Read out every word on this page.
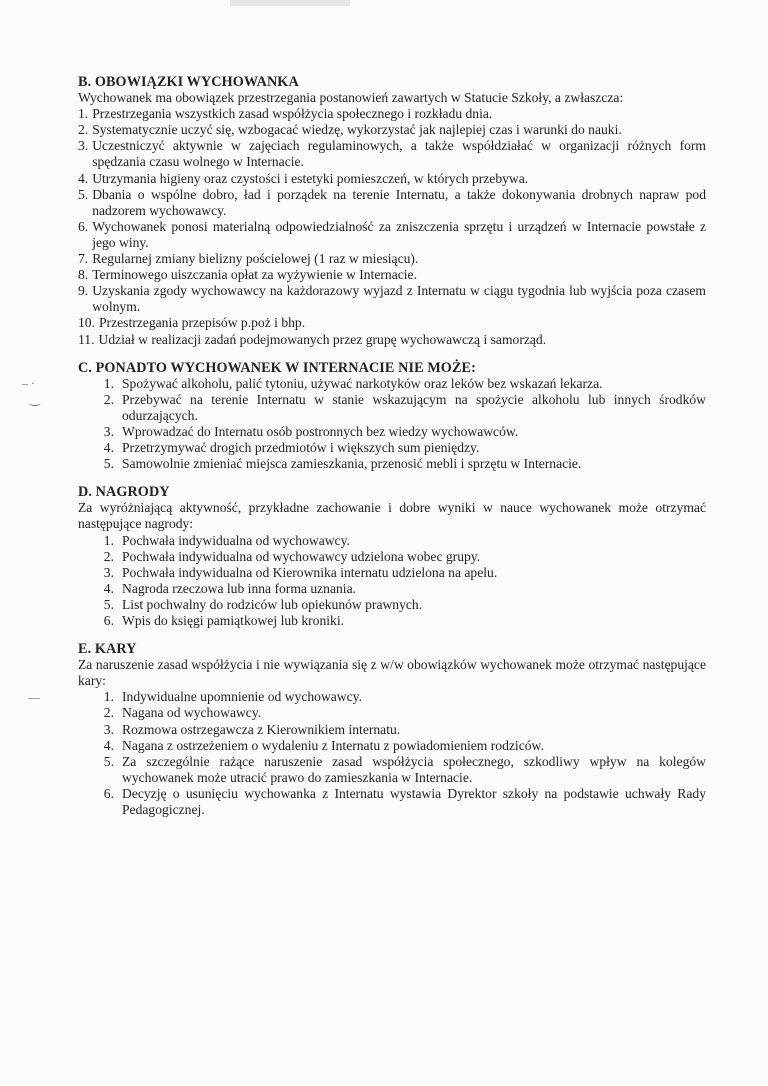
– ·
‿
—

B. OBOWIĄZKI WYCHOWANKA

Wychowanek ma obowiązek przestrzegania postanowień zawartych w Statucie Szkoły, a zwłaszcza:

1. Przestrzegania wszystkich zasad współżycia społecznego i rozkładu dnia.
2. Systematycznie uczyć się, wzbogacać wiedzę, wykorzystać jak najlepiej czas i warunki do nauki.
3. Uczestniczyć aktywnie w zajęciach regulaminowych, a także współdziałać w organizacji różnych form spędzania czasu wolnego w Internacie.
4. Utrzymania higieny oraz czystości i estetyki pomieszczeń, w których przebywa.
5. Dbania o wspólne dobro, ład i porządek na terenie Internatu, a także dokonywania drobnych napraw pod nadzorem wychowawcy.
6. Wychowanek ponosi materialną odpowiedzialność za zniszczenia sprzętu i urządzeń w Internacie powstałe z jego winy.
7. Regularnej zmiany bielizny pościelowej (1 raz w miesiącu).
8. Terminowego uiszczania opłat za wyżywienie w Internacie.
9. Uzyskania zgody wychowawcy na każdorazowy wyjazd z Internatu w ciągu tygodnia lub wyjścia poza czasem wolnym.
10. Przestrzegania przepisów p.poż i bhp.
11. Udział w realizacji zadań podejmowanych przez grupę wychowawczą i samorząd.

C. PONADTO WYCHOWANEK W INTERNACIE NIE MOŻE:

1. Spożywać alkoholu, palić tytoniu, używać narkotyków oraz leków bez wskazań lekarza.
2. Przebywać na terenie Internatu w stanie wskazującym na spożycie alkoholu lub innych środków odurzających.
3. Wprowadzać do Internatu osób postronnych bez wiedzy wychowawców.
4. Przetrzymywać drogich przedmiotów i większych sum pieniędzy.
5. Samowolnie zmieniać miejsca zamieszkania, przenosić mebli i sprzętu w Internacie.

D. NAGRODY

Za wyróżniającą aktywność, przykładne zachowanie i dobre wyniki w nauce wychowanek może otrzymać następujące nagrody:

1. Pochwała indywidualna od wychowawcy.
2. Pochwała indywidualna od wychowawcy udzielona wobec grupy.
3. Pochwała indywidualna od Kierownika internatu udzielona na apelu.
4. Nagroda rzeczowa lub inna forma uznania.
5. List pochwalny do rodziców lub opiekunów prawnych.
6. Wpis do księgi pamiątkowej lub kroniki.

E. KARY

Za naruszenie zasad współżycia i nie wywiązania się z w/w obowiązków wychowanek może otrzymać następujące kary:

1. Indywidualne upomnienie od wychowawcy.
2. Nagana od wychowawcy.
3. Rozmowa ostrzegawcza z Kierownikiem internatu.
4. Nagana z ostrzeżeniem o wydaleniu z Internatu z powiadomieniem rodziców.
5. Za szczególnie rażące naruszenie zasad współżycia społecznego, szkodliwy wpływ na kolegów wychowanek może utracić prawo do zamieszkania w Internacie.
6. Decyzję o usunięciu wychowanka z Internatu wystawia Dyrektor szkoły na podstawie uchwały Rady Pedagogicznej.
